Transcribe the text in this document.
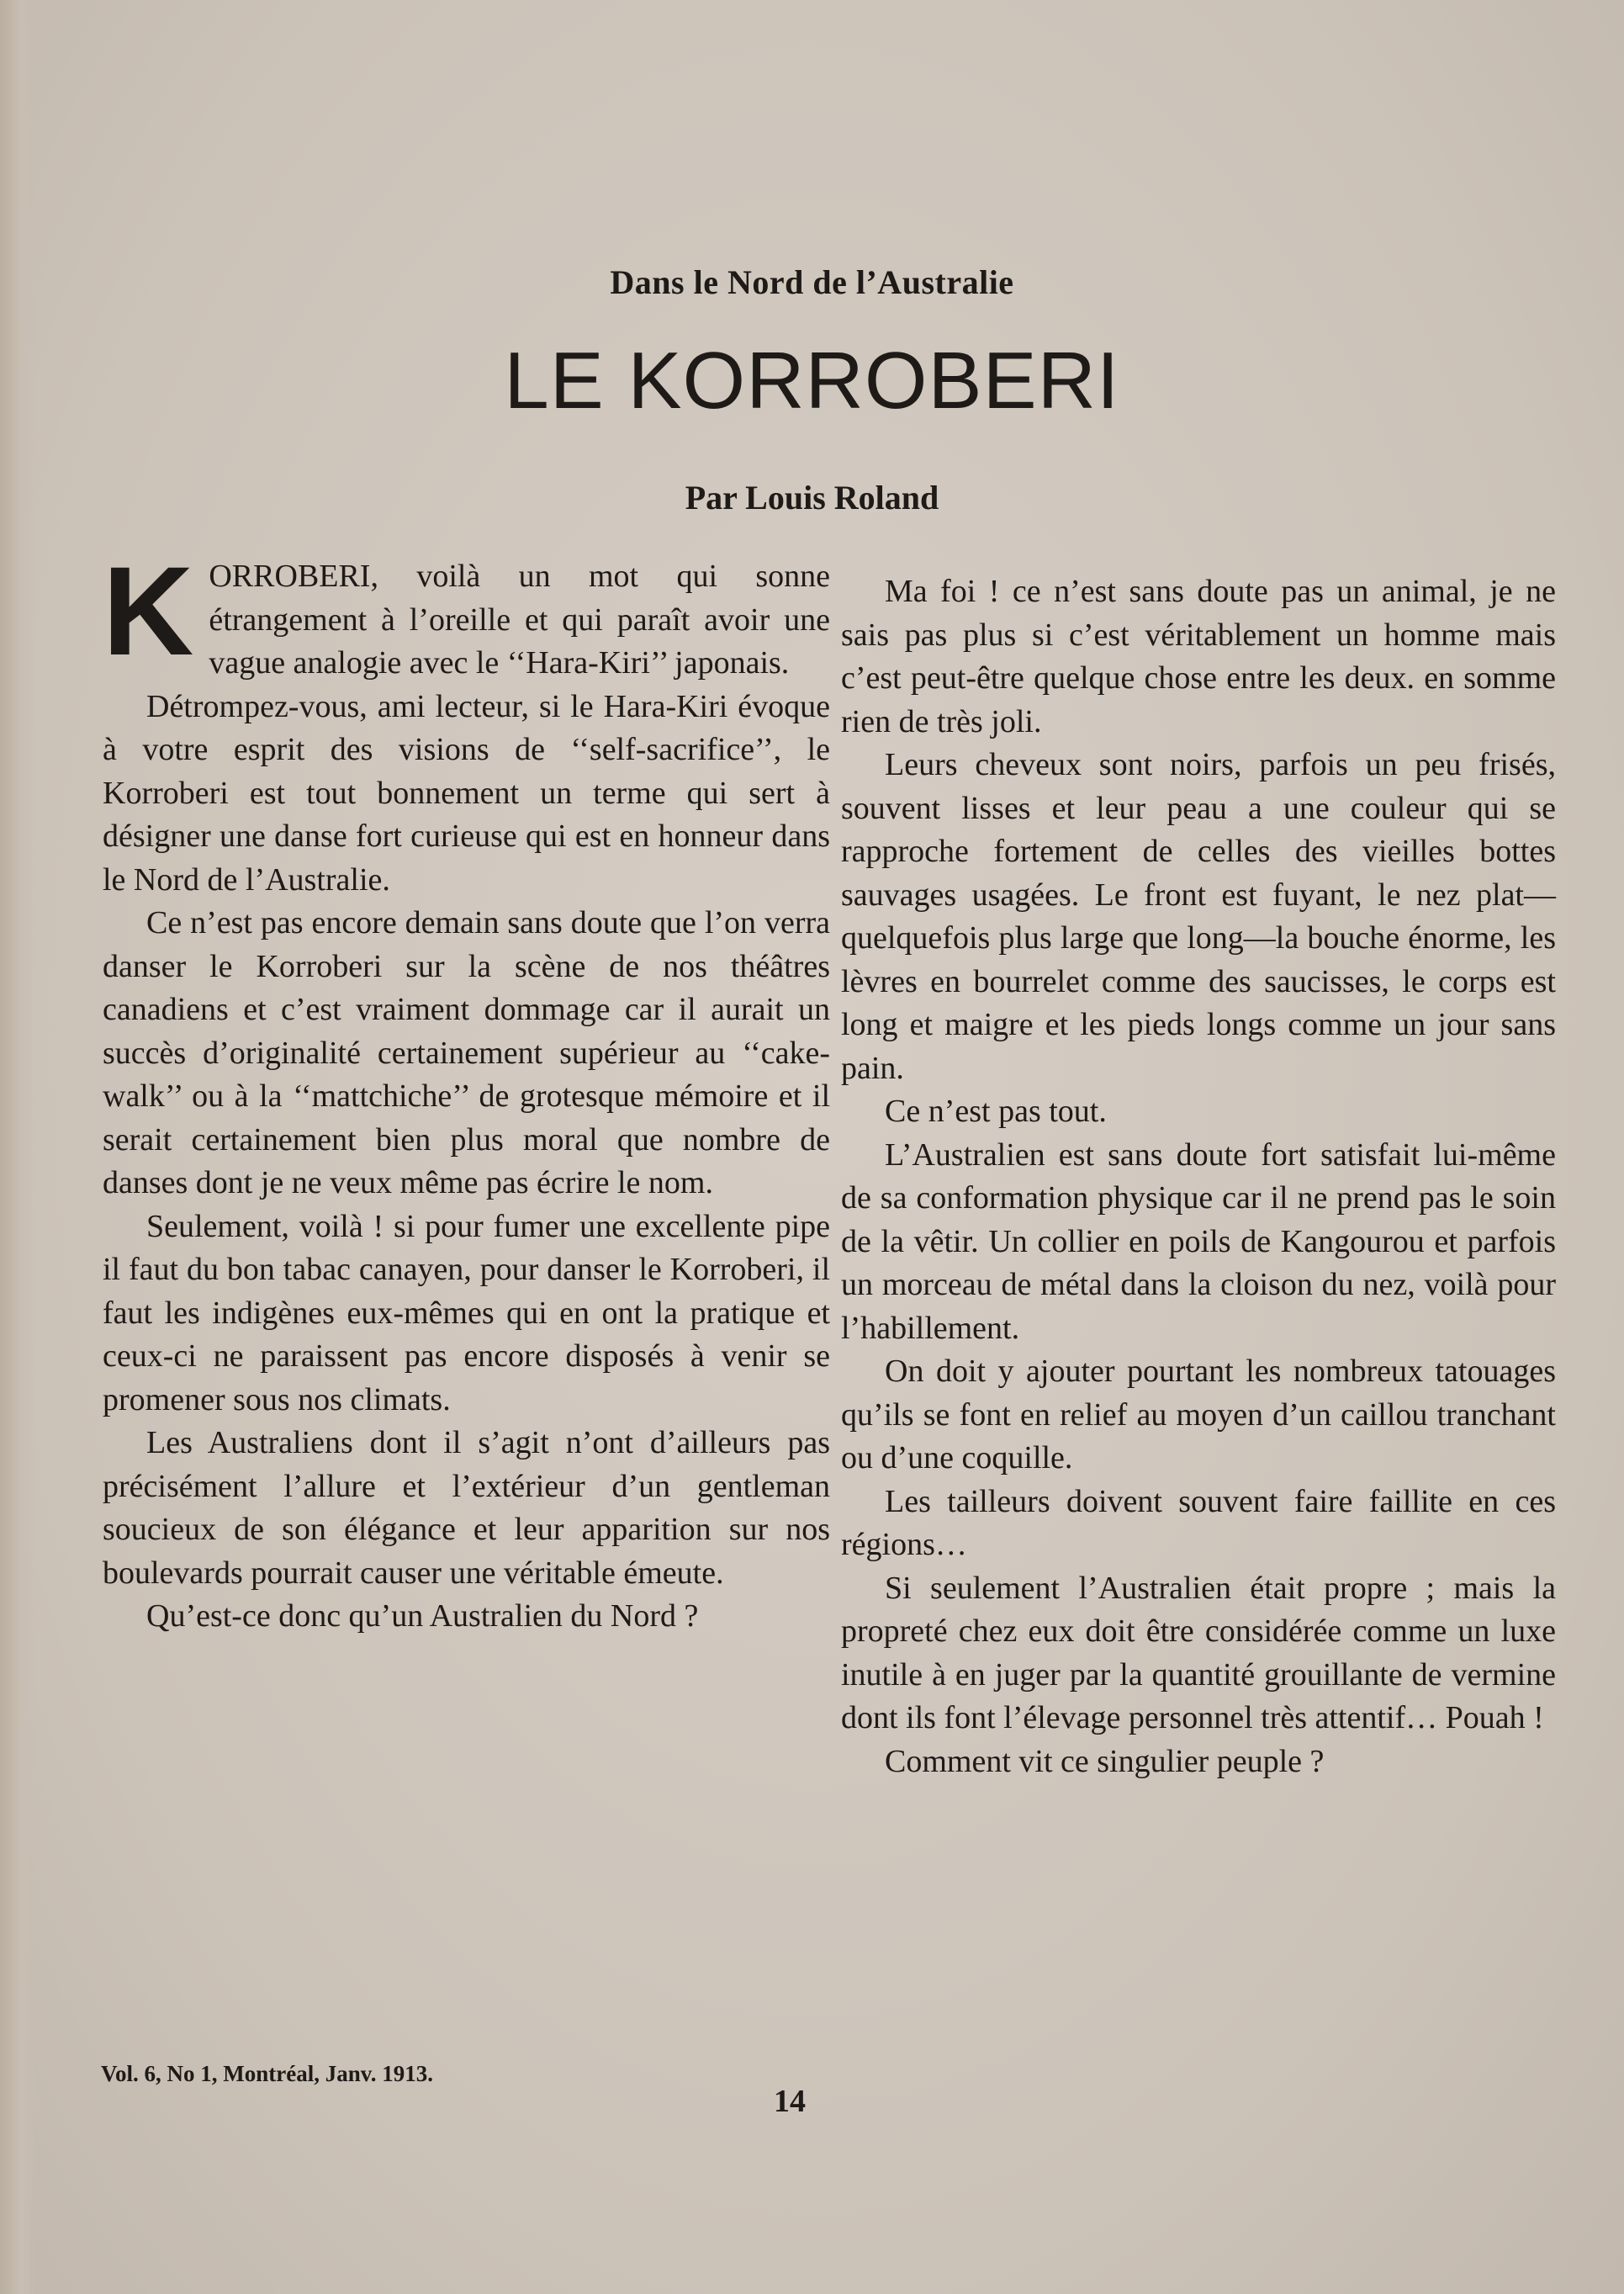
Dans le Nord de l’Australie
LE KORROBERI
Par Louis Roland

KORROBERI, voilà un mot qui sonne étrangement à l’oreille et qui paraît avoir une vague analogie avec le ‘‘Hara-Kiri’’ japonais.

Détrompez-vous, ami lecteur, si le Hara-Kiri évoque à votre esprit des visions de ‘‘self-sacrifice’’, le Korroberi est tout bonnement un terme qui sert à désigner une danse fort curieuse qui est en honneur dans le Nord de l’Australie.

Ce n’est pas encore demain sans doute que l’on verra danser le Korroberi sur la scène de nos théâtres canadiens et c’est vraiment dommage car il aurait un succès d’originalité certainement supérieur au ‘‘cake-walk’’ ou à la ‘‘mattchiche’’ de grotesque mémoire et il serait certainement bien plus moral que nombre de danses dont je ne veux même pas écrire le nom.

Seulement, voilà ! si pour fumer une excellente pipe il faut du bon tabac canayen, pour danser le Korroberi, il faut les indigènes eux-mêmes qui en ont la pratique et ceux-ci ne paraissent pas encore disposés à venir se promener sous nos climats.

Les Australiens dont il s’agit n’ont d’ailleurs pas précisément l’allure et l’extérieur d’un gentleman soucieux de son élégance et leur apparition sur nos boulevards pourrait causer une véritable émeute.

Qu’est-ce donc qu’un Australien du Nord ?

Ma foi ! ce n’est sans doute pas un animal, je ne sais pas plus si c’est véritablement un homme mais c’est peut-être quelque chose entre les deux. en somme rien de très joli.

Leurs cheveux sont noirs, parfois un peu frisés, souvent lisses et leur peau a une couleur qui se rapproche fortement de celles des vieilles bottes sauvages usagées. Le front est fuyant, le nez plat—quelquefois plus large que long—la bouche énorme, les lèvres en bourrelet comme des saucisses, le corps est long et maigre et les pieds longs comme un jour sans pain.

Ce n’est pas tout.

L’Australien est sans doute fort satisfait lui-même de sa conformation physique car il ne prend pas le soin de la vêtir. Un collier en poils de Kangourou et parfois un morceau de métal dans la cloison du nez, voilà pour l’habillement.

On doit y ajouter pourtant les nombreux tatouages qu’ils se font en relief au moyen d’un caillou tranchant ou d’une coquille.

Les tailleurs doivent souvent faire faillite en ces régions…

Si seulement l’Australien était propre ; mais la propreté chez eux doit être considérée comme un luxe inutile à en juger par la quantité grouillante de vermine dont ils font l’élevage personnel très attentif… Pouah !

Comment vit ce singulier peuple ?

Vol. 6, No 1, Montréal, Janv. 1913.
14
